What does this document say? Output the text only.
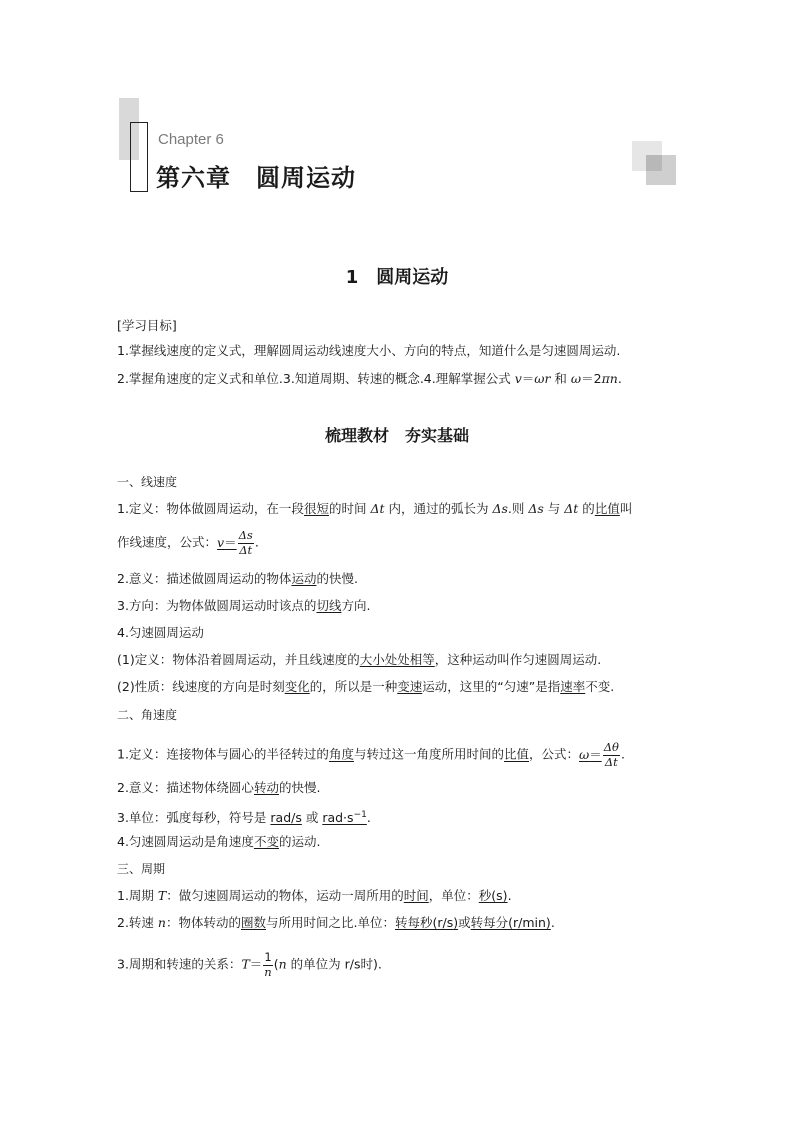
Chapter 6
第六章　圆周运动
1　圆周运动
[学习目标]
1.掌握线速度的定义式，理解圆周运动线速度大小、方向的特点，知道什么是匀速圆周运动.
2.掌握角速度的定义式和单位.3.知道周期、转速的概念.4.理解掌握公式 v＝ωr 和 ω＝2πn.
梳理教材　夯实基础
一、线速度
1.定义：物体做圆周运动，在一段很短的时间 Δt 内，通过的弧长为 Δs.则 Δs 与 Δt 的比值叫
作线速度，公式：$v= \frac{\Delta s}{\Delta t}$ .
2.意义：描述做圆周运动的物体运动的快慢.
3.方向：为物体做圆周运动时该点的切线方向.
4.匀速圆周运动
(1)定义：物体沿着圆周运动，并且线速度的大小处处相等，这种运动叫作匀速圆周运动.
(2)性质：线速度的方向是时刻变化的，所以是一种变速运动，这里的“匀速”是指速率不变.
二、角速度
1.定义：连接物体与圆心的半径转过的角度与转过这一角度所用时间的比值，公式：$\omega= \frac{\Delta\theta}{\Delta t}$ .
2.意义：描述物体绕圆心转动的快慢.
3.单位：弧度每秒，符号是 rad/s 或 $rad\cdot s^{-1}$.
4.匀速圆周运动是角速度不变的运动.
三、周期
1.周期 T：做匀速圆周运动的物体，运动一周所用的时间，单位：秒(s).
2.转速 n：物体转动的圈数与所用时间之比.单位：转每秒(r/s)或转每分(r/min).
3.周期和转速的关系：$T= \frac{1}{n} (n$ 的单位为 r/s时).
